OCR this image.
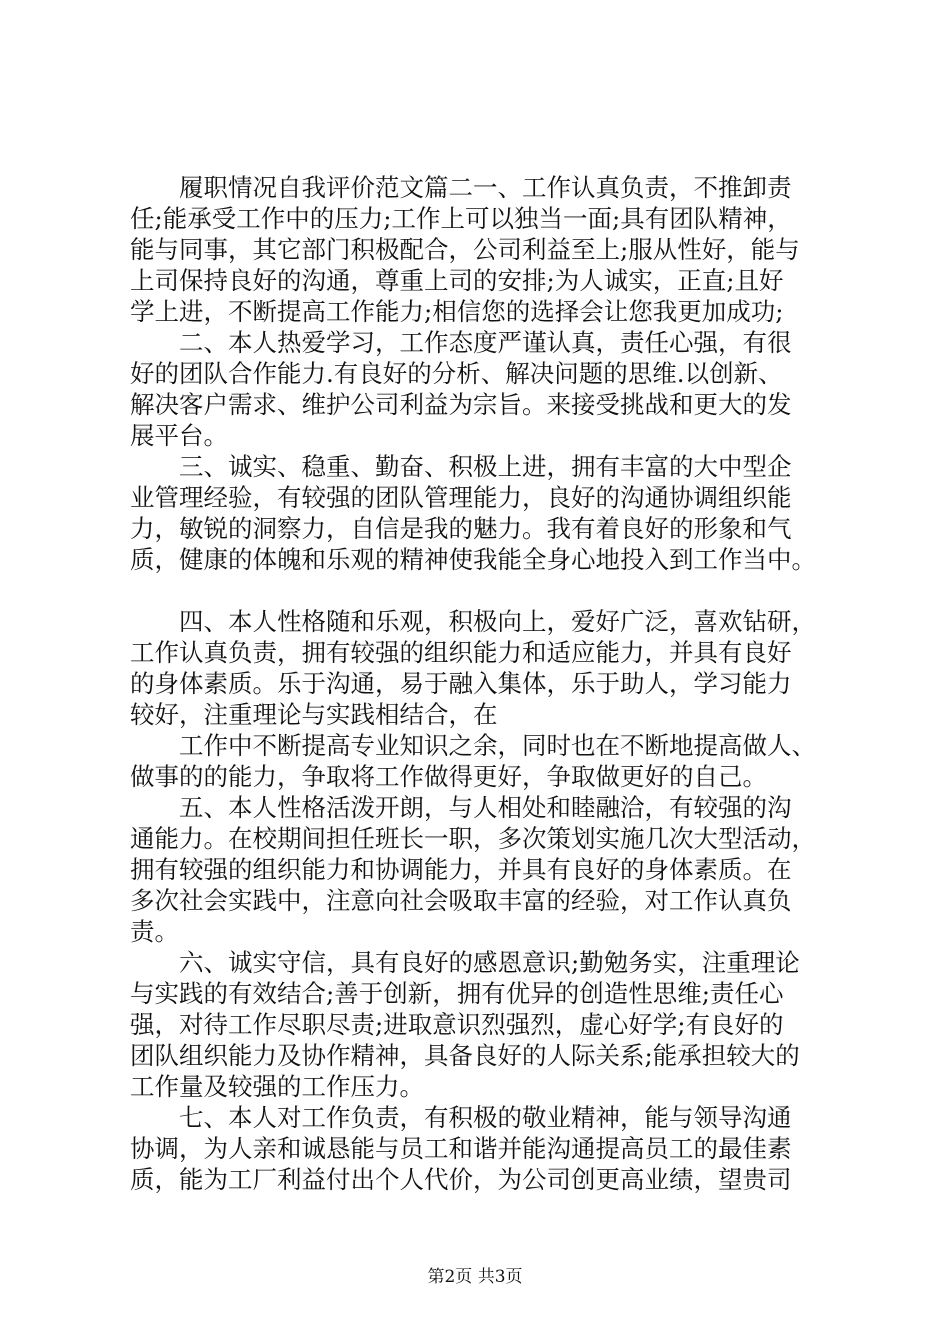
履职情况自我评价范文篇二一、工作认真负责，不推卸责
任;能承受工作中的压力;工作上可以独当一面;具有团队精神，
能与同事，其它部门积极配合，公司利益至上;服从性好，能与
上司保持良好的沟通，尊重上司的安排;为人诚实，正直;且好
学上进，不断提高工作能力;相信您的选择会让您我更加成功;

二、本人热爱学习，工作态度严谨认真，责任心强，有很
好的团队合作能力.有良好的分析、解决问题的思维.以创新、
解决客户需求、维护公司利益为宗旨。来接受挑战和更大的发
展平台。

三、诚实、稳重、勤奋、积极上进，拥有丰富的大中型企
业管理经验，有较强的团队管理能力，良好的沟通协调组织能
力，敏锐的洞察力，自信是我的魅力。我有着良好的形象和气
质，健康的体魄和乐观的精神使我能全身心地投入到工作当中。

四、本人性格随和乐观，积极向上，爱好广泛，喜欢钻研，
工作认真负责，拥有较强的组织能力和适应能力，并具有良好
的身体素质。乐于沟通，易于融入集体，乐于助人，学习能力
较好，注重理论与实践相结合，在

工作中不断提高专业知识之余，同时也在不断地提高做人、
做事的的能力，争取将工作做得更好，争取做更好的自己。

五、本人性格活泼开朗，与人相处和睦融洽，有较强的沟
通能力。在校期间担任班长一职，多次策划实施几次大型活动，
拥有较强的组织能力和协调能力，并具有良好的身体素质。在
多次社会实践中，注意向社会吸取丰富的经验，对工作认真负
责。

六、诚实守信，具有良好的感恩意识;勤勉务实，注重理论
与实践的有效结合;善于创新，拥有优异的创造性思维;责任心
强，对待工作尽职尽责;进取意识烈强烈，虚心好学;有良好的
团队组织能力及协作精神，具备良好的人际关系;能承担较大的
工作量及较强的工作压力。

七、本人对工作负责，有积极的敬业精神，能与领导沟通
协调，为人亲和诚恳能与员工和谐并能沟通提高员工的最佳素
质，能为工厂利益付出个人代价，为公司创更高业绩，望贵司

第2页 共3页
